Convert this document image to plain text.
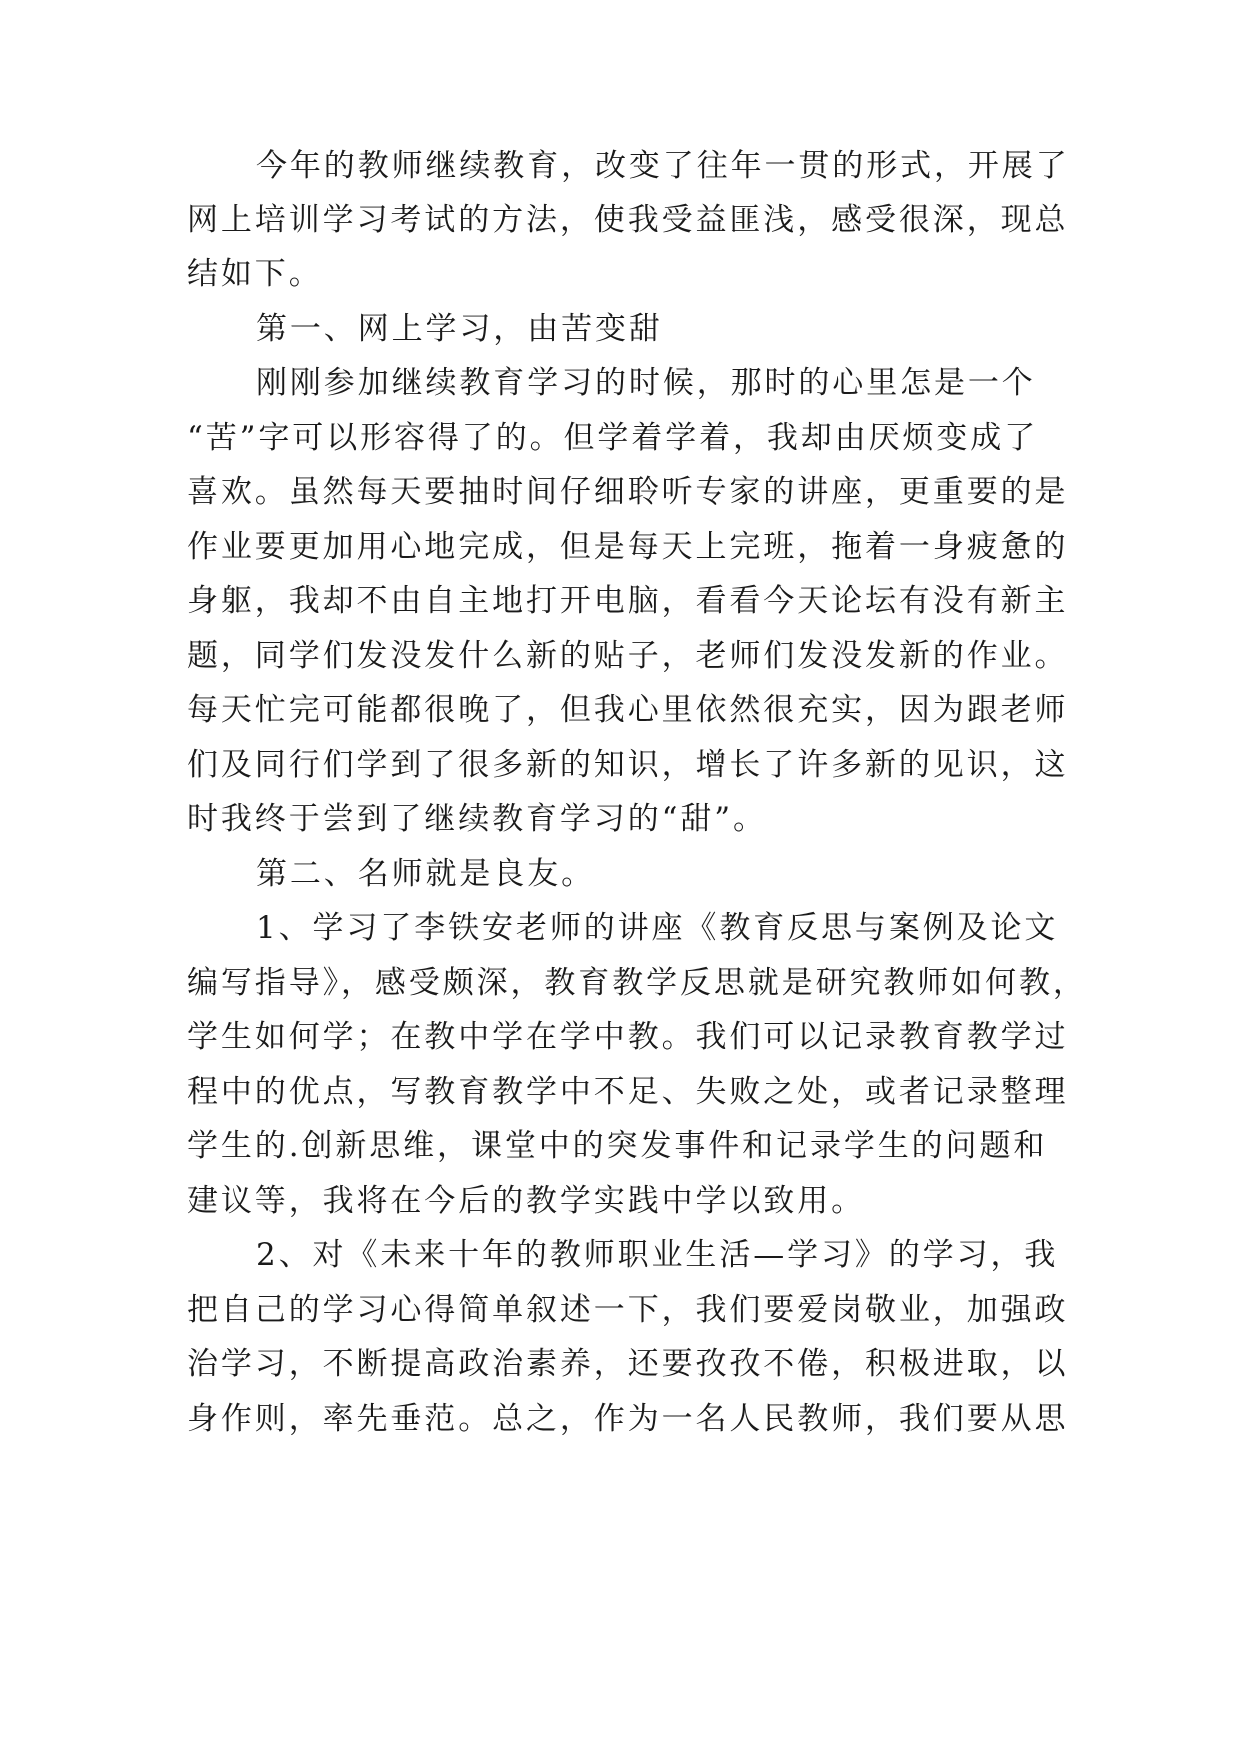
今年的教师继续教育，改变了往年一贯的形式，开展了
网上培训学习考试的方法，使我受益匪浅，感受很深，现总
结如下。
第一、网上学习，由苦变甜
刚刚参加继续教育学习的时候，那时的心里怎是一个
“苦”字可以形容得了的。但学着学着，我却由厌烦变成了
喜欢。虽然每天要抽时间仔细聆听专家的讲座，更重要的是
作业要更加用心地完成，但是每天上完班，拖着一身疲惫的
身躯，我却不由自主地打开电脑，看看今天论坛有没有新主
题，同学们发没发什么新的贴子，老师们发没发新的作业。
每天忙完可能都很晚了，但我心里依然很充实，因为跟老师
们及同行们学到了很多新的知识，增长了许多新的见识，这
时我终于尝到了继续教育学习的“甜”。
第二、名师就是良友。
1、学习了李铁安老师的讲座《教育反思与案例及论文
编写指导》，感受颇深，教育教学反思就是研究教师如何教，
学生如何学；在教中学在学中教。我们可以记录教育教学过
程中的优点，写教育教学中不足、失败之处，或者记录整理
学生的.创新思维，课堂中的突发事件和记录学生的问题和
建议等，我将在今后的教学实践中学以致用。
2、对《未来十年的教师职业生活—学习》的学习，我
把自己的学习心得简单叙述一下，我们要爱岗敬业，加强政
治学习，不断提高政治素养，还要孜孜不倦，积极进取，以
身作则，率先垂范。总之，作为一名人民教师，我们要从思
